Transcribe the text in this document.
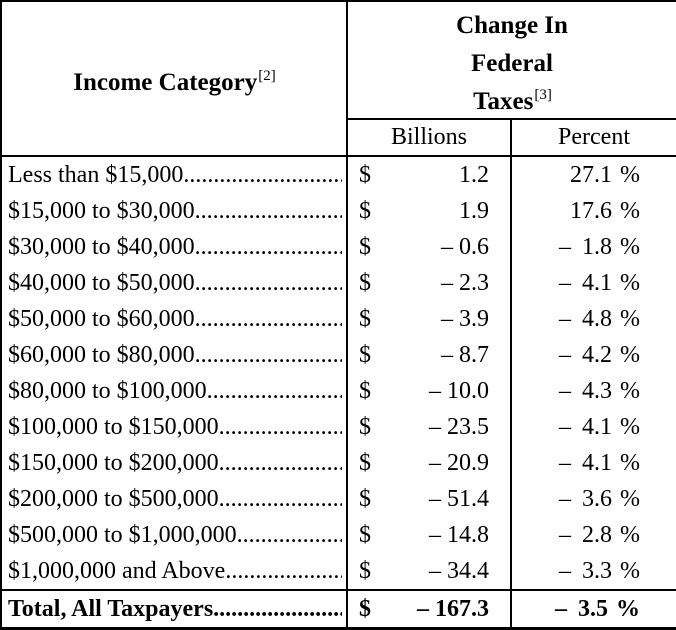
Income Category[2]
Change In
Federal
Taxes[3]
Billions	Percent
Less than $15,000 .....	$	1.2	27.1 %
$15,000 to $30,000 .....	$	1.9	17.6 %
$30,000 to $40,000 .....	$	– 0.6	– 1.8 %
$40,000 to $50,000 .....	$	– 2.3	– 4.1 %
$50,000 to $60,000 .....	$	– 3.9	– 4.8 %
$60,000 to $80,000 .....	$	– 8.7	– 4.2 %
$80,000 to $100,000 .....	$ – 10.0	– 4.3 %
$100,000 to $150,000 .....	$ – 23.5	– 4.1 %
$150,000 to $200,000 .....	$ – 20.9	– 4.1 %
$200,000 to $500,000 .....	$ – 51.4	– 3.6 %
$500,000 to $1,000,000 .....	$ – 14.8	– 2.8 %
$1,000,000 and Above .....	$ – 34.4	– 3.3 %
Total, All Taxpayers .....	$ – 167.3	– 3.5 %
